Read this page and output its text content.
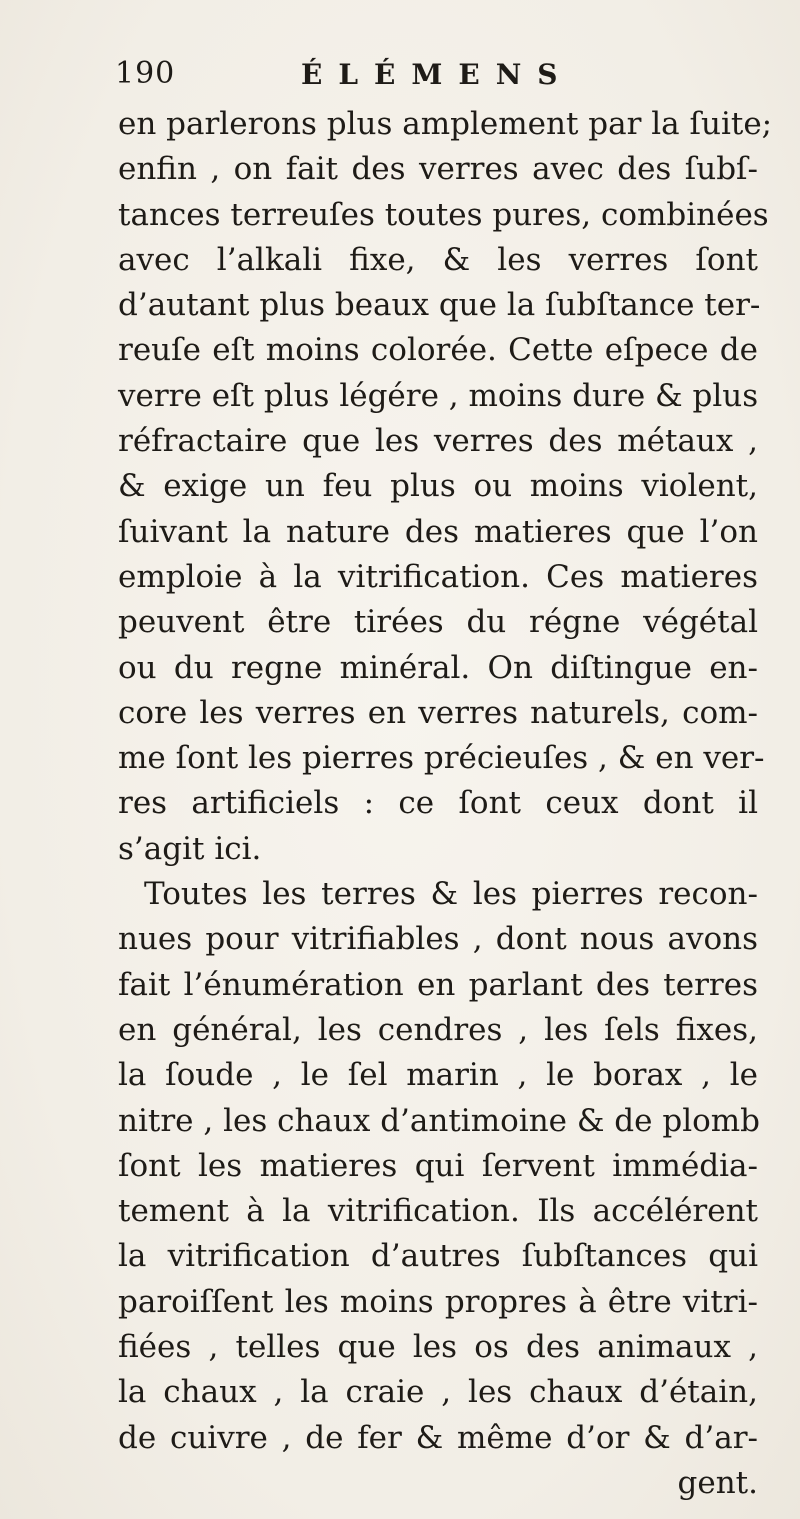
190	ÉLÉMENS
en parlerons plus amplement par la ſuite;
enfin , on fait des verres avec des ſubſ-
tances terreuſes toutes pures, combinées
avec l’alkali fixe, & les verres ſont
d’autant plus beaux que la ſubſtance ter-
reuſe eſt moins colorée. Cette eſpece de
verre eſt plus légére , moins dure & plus
réfractaire que les verres des métaux ,
& exige un feu plus ou moins violent,
ſuivant la nature des matieres que l’on
emploie à la vitrification. Ces matieres
peuvent être tirées du régne végétal
ou du regne minéral. On diſtingue en-
core les verres en verres naturels, com-
me ſont les pierres précieuſes , & en ver-
res artificiels : ce ſont ceux dont il
s’agit ici.
Toutes les terres & les pierres recon-
nues pour vitrifiables , dont nous avons
fait l’énumération en parlant des terres
en général, les cendres , les ſels fixes,
la ſoude , le ſel marin , le borax , le
nitre , les chaux d’antimoine & de plomb
ſont les matieres qui ſervent immédia-
tement à la vitrification. Ils accélérent
la vitrification d’autres ſubſtances qui
paroiſſent les moins propres à être vitri-
fiées , telles que les os des animaux ,
la chaux , la craie , les chaux d’étain,
de cuivre , de fer & même d’or & d’ar-
gent.
